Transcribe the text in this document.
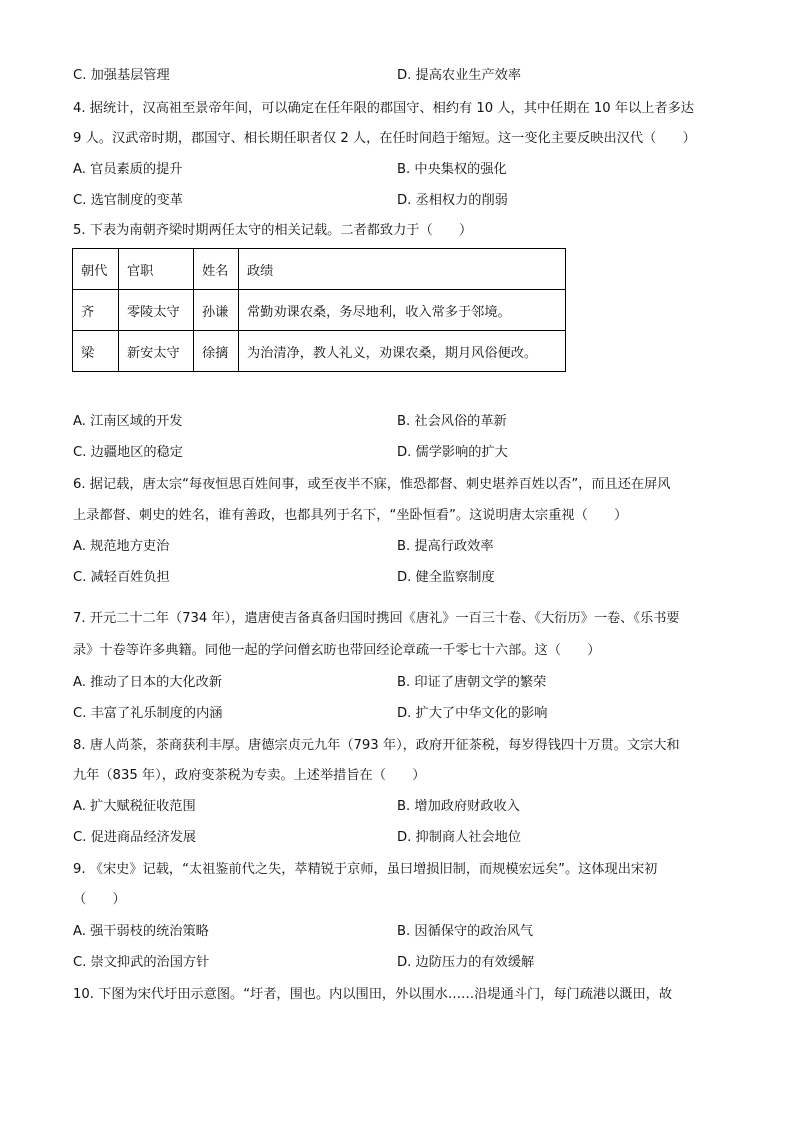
C. 加强基层管理	D. 提高农业生产效率
4. 据统计，汉高祖至景帝年间，可以确定在任年限的郡国守、相约有 10 人，其中任期在 10 年以上者多达
9 人。汉武帝时期，郡国守、相长期任职者仅 2 人，在任时间趋于缩短。这一变化主要反映出汉代（　　）
A. 官员素质的提升	B. 中央集权的强化
C. 选官制度的变革	D. 丞相权力的削弱
5. 下表为南朝齐梁时期两任太守的相关记载。二者都致力于（　　）
朝代	官职	姓名	政绩
齐	零陵太守	孙谦	常勤劝课农桑，务尽地利，收入常多于邻境。
梁	新安太守	徐摛	为治清净，教人礼义，劝课农桑，期月风俗便改。
A. 江南区域的开发	B. 社会风俗的革新
C. 边疆地区的稳定	D. 儒学影响的扩大
6. 据记载，唐太宗“每夜恒思百姓间事，或至夜半不寐，惟恐都督、刺史堪养百姓以否”，而且还在屏风
上录都督、刺史的姓名，谁有善政，也都具列于名下，“坐卧恒看”。这说明唐太宗重视（　　）
A. 规范地方吏治	B. 提高行政效率
C. 减轻百姓负担	D. 健全监察制度
7. 开元二十二年（734 年），遣唐使吉备真备归国时携回《唐礼》一百三十卷、《大衍历》一卷、《乐书要
录》十卷等许多典籍。同他一起的学问僧玄昉也带回经论章疏一千零七十六部。这（　　）
A. 推动了日本的大化改新	B. 印证了唐朝文学的繁荣
C. 丰富了礼乐制度的内涵	D. 扩大了中华文化的影响
8. 唐人尚茶，茶商获利丰厚。唐德宗贞元九年（793 年），政府开征茶税，每岁得钱四十万贯。文宗大和
九年（835 年），政府变茶税为专卖。上述举措旨在（　　）
A. 扩大赋税征收范围	B. 增加政府财政收入
C. 促进商品经济发展	D. 抑制商人社会地位
9. 《宋史》记载，“太祖鉴前代之失，萃精锐于京师，虽曰增损旧制，而规模宏远矣”。这体现出宋初
（　　）
A. 强干弱枝的统治策略	B. 因循保守的政治风气
C. 崇文抑武的治国方针	D. 边防压力的有效缓解
10. 下图为宋代圩田示意图。“圩者，围也。内以围田，外以围水……沿堤通斗门，每门疏港以溉田，故
